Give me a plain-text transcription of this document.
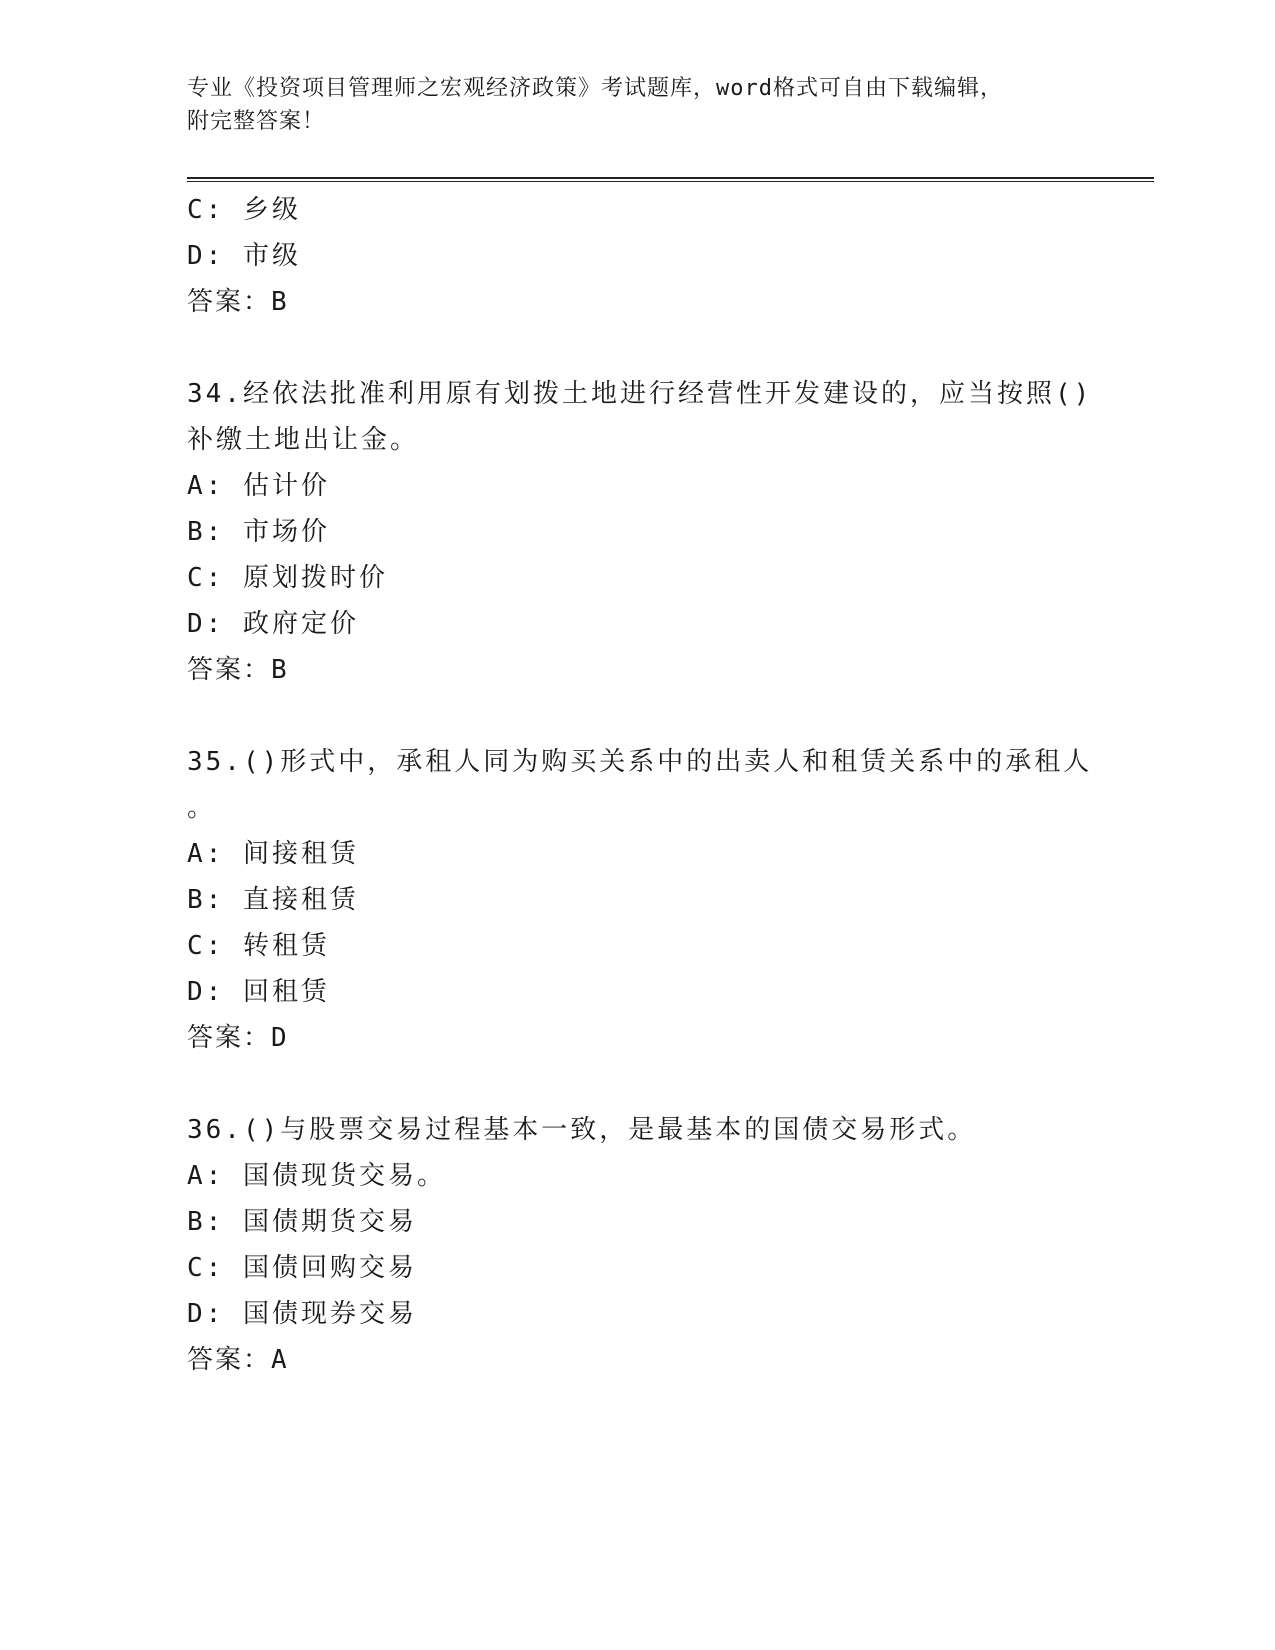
专业《投资项目管理师之宏观经济政策》考试题库，word格式可自由下载编辑，
附完整答案！
C: 乡级
D: 市级
答案：B
34.经依法批准利用原有划拨土地进行经营性开发建设的，应当按照()
补缴土地出让金。
A: 估计价
B: 市场价
C: 原划拨时价
D: 政府定价
答案：B
35.()形式中，承租人同为购买关系中的出卖人和租赁关系中的承租人
。
A: 间接租赁
B: 直接租赁
C: 转租赁
D: 回租赁
答案：D
36.()与股票交易过程基本一致，是最基本的国债交易形式。
A: 国债现货交易。
B: 国债期货交易
C: 国债回购交易
D: 国债现券交易
答案：A
